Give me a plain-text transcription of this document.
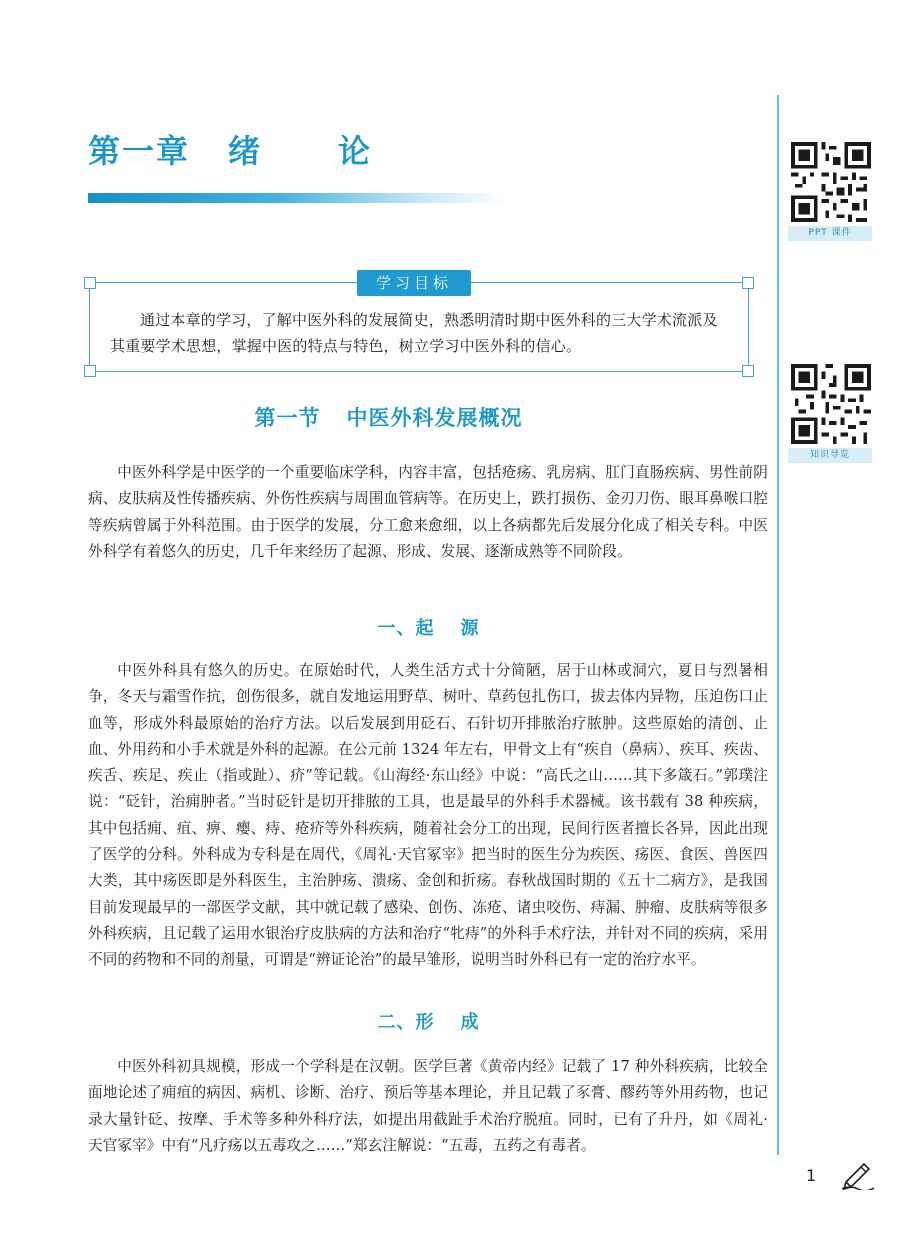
第一章 绪 论
PPT 课件
知识导览
学习目标

通过本章的学习，了解中医外科的发展简史，熟悉明清时期中医外科的三大学术流派及其重要学术思想，掌握中医的特点与特色，树立学习中医外科的信心。

第一节 中医外科发展概况

中医外科学是中医学的一个重要临床学科，内容丰富，包括疮疡、乳房病、肛门直肠疾病、男性前阴病、皮肤病及性传播疾病、外伤性疾病与周围血管病等。在历史上，跌打损伤、金刃刀伤、眼耳鼻喉口腔等疾病曾属于外科范围。由于医学的发展，分工愈来愈细，以上各病都先后发展分化成了相关专科。中医外科学有着悠久的历史，几千年来经历了起源、形成、发展、逐渐成熟等不同阶段。

一、起 源

中医外科具有悠久的历史。在原始时代，人类生活方式十分简陋，居于山林或洞穴，夏日与烈暑相争，冬天与霜雪作抗，创伤很多，就自发地运用野草、树叶、草药包扎伤口，拔去体内异物，压迫伤口止血等，形成外科最原始的治疗方法。以后发展到用砭石、石针切开排脓治疗脓肿。这些原始的清创、止血、外用药和小手术就是外科的起源。在公元前 1324 年左右，甲骨文上有“疾自（鼻病）、疾耳、疾齿、疾舌、疾足、疾止（指或趾）、疥”等记载。《山海经·东山经》中说：“高氏之山……其下多箴石。”郭璞注说：“砭针，治痈肿者。”当时砭针是切开排脓的工具，也是最早的外科手术器械。该书载有 38 种疾病，其中包括痈、疽、痹、瘿、痔、疮疥等外科疾病，随着社会分工的出现，民间行医者擅长各异，因此出现了医学的分科。外科成为专科是在周代，《周礼·天官冢宰》把当时的医生分为疾医、疡医、食医、兽医四大类，其中疡医即是外科医生，主治肿疡、溃疡、金创和折疡。春秋战国时期的《五十二病方》，是我国目前发现最早的一部医学文献，其中就记载了感染、创伤、冻疮、诸虫咬伤、痔漏、肿瘤、皮肤病等很多外科疾病，且记载了运用水银治疗皮肤病的方法和治疗“牝痔”的外科手术疗法，并针对不同的疾病，采用不同的药物和不同的剂量，可谓是“辨证论治”的最早雏形，说明当时外科已有一定的治疗水平。

二、形 成

中医外科初具规模，形成一个学科是在汉朝。医学巨著《黄帝内经》记载了 17 种外科疾病，比较全面地论述了痈疽的病因、病机、诊断、治疗、预后等基本理论，并且记载了豕膏、醪药等外用药物，也记录大量针砭、按摩、手术等多种外科疗法，如提出用截趾手术治疗脱疽。同时，已有了升丹，如《周礼·天官冢宰》中有“凡疗疡以五毒攻之……”郑玄注解说：“五毒，五药之有毒者。

1
